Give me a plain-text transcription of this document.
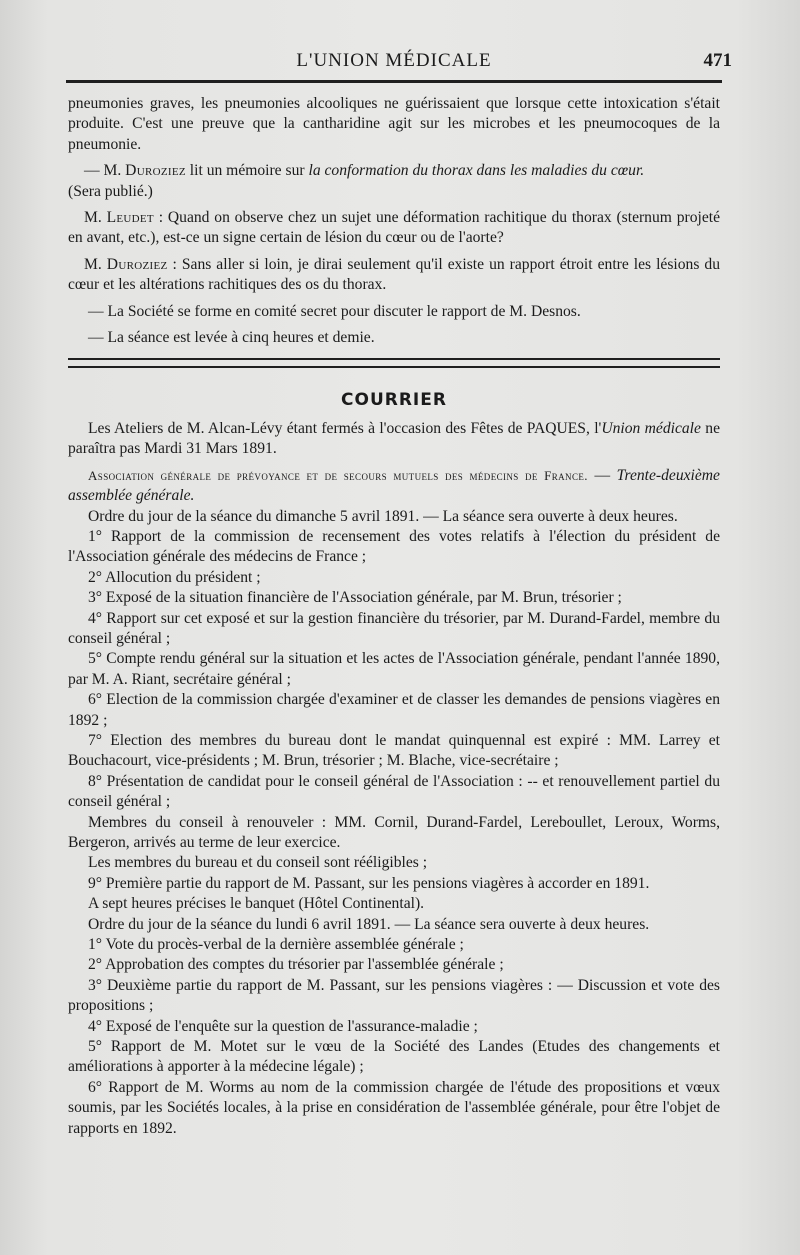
L'UNION MÉDICALE	471

pneumonies graves, les pneumonies alcooliques ne guérissaient que lorsque cette intoxication s'était produite. C'est une preuve que la cantharidine agit sur les microbes et les pneumocoques de la pneumonie.

— M. Duroziez lit un mémoire sur la conformation du thorax dans les maladies du cœur.
(Sera publié.)

M. Leudet : Quand on observe chez un sujet une déformation rachitique du thorax (sternum projeté en avant, etc.), est-ce un signe certain de lésion du cœur ou de l'aorte?

M. Duroziez : Sans aller si loin, je dirai seulement qu'il existe un rapport étroit entre les lésions du cœur et les altérations rachitiques des os du thorax.

— La Société se forme en comité secret pour discuter le rapport de M. Desnos.

— La séance est levée à cinq heures et demie.

COURRIER

Les Ateliers de M. Alcan-Lévy étant fermés à l'occasion des Fêtes de PAQUES, l'Union médicale ne paraîtra pas Mardi 31 Mars 1891.

Association générale de prévoyance et de secours mutuels des médecins de France. — Trente-deuxième assemblée générale.

Ordre du jour de la séance du dimanche 5 avril 1891. — La séance sera ouverte à deux heures.

1° Rapport de la commission de recensement des votes relatifs à l'élection du président de l'Association générale des médecins de France ;

2° Allocution du président ;

3° Exposé de la situation financière de l'Association générale, par M. Brun, trésorier ;

4° Rapport sur cet exposé et sur la gestion financière du trésorier, par M. Durand-Fardel, membre du conseil général ;

5° Compte rendu général sur la situation et les actes de l'Association générale, pendant l'année 1890, par M. A. Riant, secrétaire général ;

6° Election de la commission chargée d'examiner et de classer les demandes de pensions viagères en 1892 ;

7° Election des membres du bureau dont le mandat quinquennal est expiré : MM. Larrey et Bouchacourt, vice-présidents ; M. Brun, trésorier ; M. Blache, vice-secrétaire ;

8° Présentation de candidat pour le conseil général de l'Association : -- et renouvellement partiel du conseil général ;

Membres du conseil à renouveler : MM. Cornil, Durand-Fardel, Lereboullet, Leroux, Worms, Bergeron, arrivés au terme de leur exercice.

Les membres du bureau et du conseil sont rééligibles ;

9° Première partie du rapport de M. Passant, sur les pensions viagères à accorder en 1891.

A sept heures précises le banquet (Hôtel Continental).

Ordre du jour de la séance du lundi 6 avril 1891. — La séance sera ouverte à deux heures.

1° Vote du procès-verbal de la dernière assemblée générale ;

2° Approbation des comptes du trésorier par l'assemblée générale ;

3° Deuxième partie du rapport de M. Passant, sur les pensions viagères : — Discussion et vote des propositions ;

4° Exposé de l'enquête sur la question de l'assurance-maladie ;

5° Rapport de M. Motet sur le vœu de la Société des Landes (Etudes des changements et améliorations à apporter à la médecine légale) ;

6° Rapport de M. Worms au nom de la commission chargée de l'étude des propositions et vœux soumis, par les Sociétés locales, à la prise en considération de l'assemblée générale, pour être l'objet de rapports en 1892.
